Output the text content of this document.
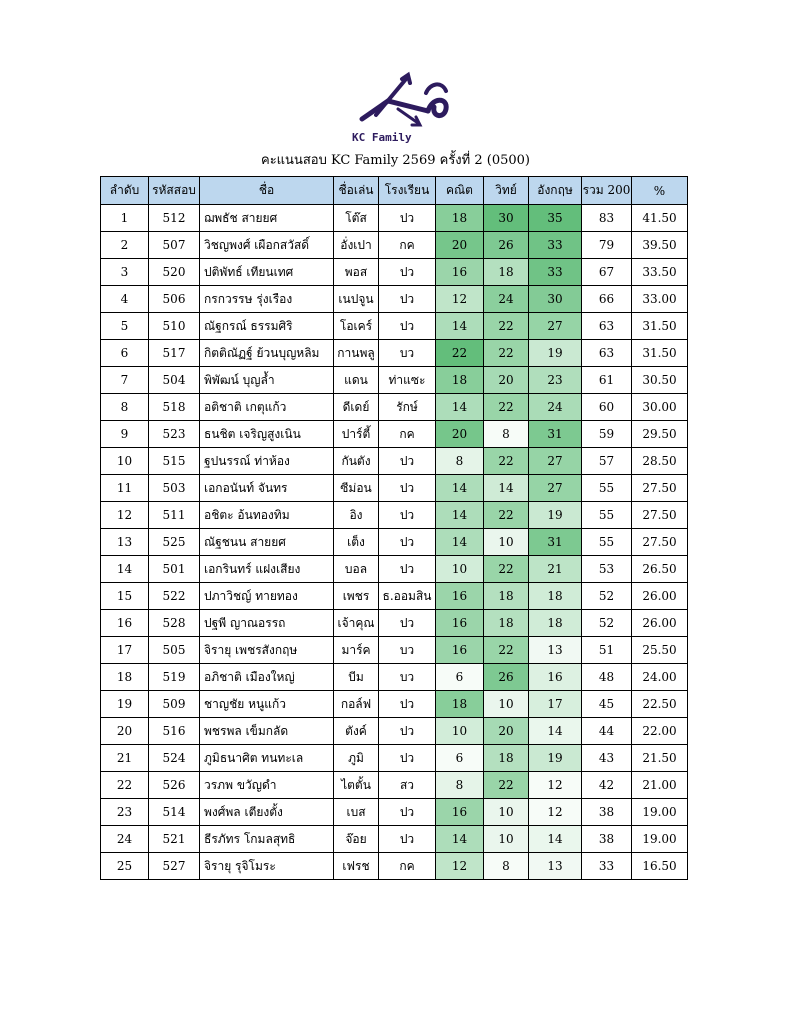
KC Family
คะแนนสอบ KC Family 2569 ครั้งที่ 2 (0500)
ลำดับ	รหัสสอบ	ชื่อ	ชื่อเล่น	โรงเรียน	คณิต	วิทย์	อังกฤษ	รวม 200	%
1	512	ฌพธัช สายยศ	โต๊ส	ปว	18	30	35	83	41.50
2	507	วิชญพงศ์ เผือกสวัสดิ์	อั่งเปา	กค	20	26	33	79	39.50
3	520	ปติพัทธ์ เทียนเทศ	พอส	ปว	16	18	33	67	33.50
4	506	กรกวรรษ รุ่งเรือง	เนปจูน	ปว	12	24	30	66	33.00
5	510	ณัฐกรณ์ ธรรมศิริ	โอเคร์	ปว	14	22	27	63	31.50
6	517	กิตติณัฏฐ์ ย้วนบุญหลิม	กานพลู	บว	22	22	19	63	31.50
7	504	พิพัฒน์ บุญล้ำ	แดน	ท่าแซะ	18	20	23	61	30.50
8	518	อติชาติ เกตุแก้ว	ดีเดย์	รักษ์	14	22	24	60	30.00
9	523	ธนชิต เจริญสูงเนิน	ปาร์ตี้	กค	20	8	31	59	29.50
10	515	ฐปนรรณ์ ท่าห้อง	กันตัง	ปว	8	22	27	57	28.50
11	503	เอกอนันท์ จันทร	ซีม่อน	ปว	14	14	27	55	27.50
12	511	อชิตะ อ้นทองทิม	อิง	ปว	14	22	19	55	27.50
13	525	ณัฐชนน สายยศ	เต็ง	ปว	14	10	31	55	27.50
14	501	เอกรินทร์ แฝงเสียง	บอล	ปว	10	22	21	53	26.50
15	522	ปภาวิชญ์ ทายทอง	เพชร	ธ.ออมสิน	16	18	18	52	26.00
16	528	ปฐพี ญาณอรรถ	เจ้าคุณ	ปว	16	18	18	52	26.00
17	505	จิรายุ เพชรสังกฤษ	มาร์ค	บว	16	22	13	51	25.50
18	519	อภิชาติ เมืองใหญ่	บีม	บว	6	26	16	48	24.00
19	509	ชาญชัย หนูแก้ว	กอล์ฟ	ปว	18	10	17	45	22.50
20	516	พชรพล เข็มกลัด	ตังค์	ปว	10	20	14	44	22.00
21	524	ภูมิธนาศิต ทนทะเล	ภูมิ	ปว	6	18	19	43	21.50
22	526	วรภพ ขวัญดำ	ไตตั้น	สว	8	22	12	42	21.00
23	514	พงศ์พล เตียงตั้ง	เบส	ปว	16	10	12	38	19.00
24	521	ธีรภัทร โกมลสุทธิ	จ๊อย	ปว	14	10	14	38	19.00
25	527	จิรายุ รุจิโมระ	เฟรช	กค	12	8	13	33	16.50
